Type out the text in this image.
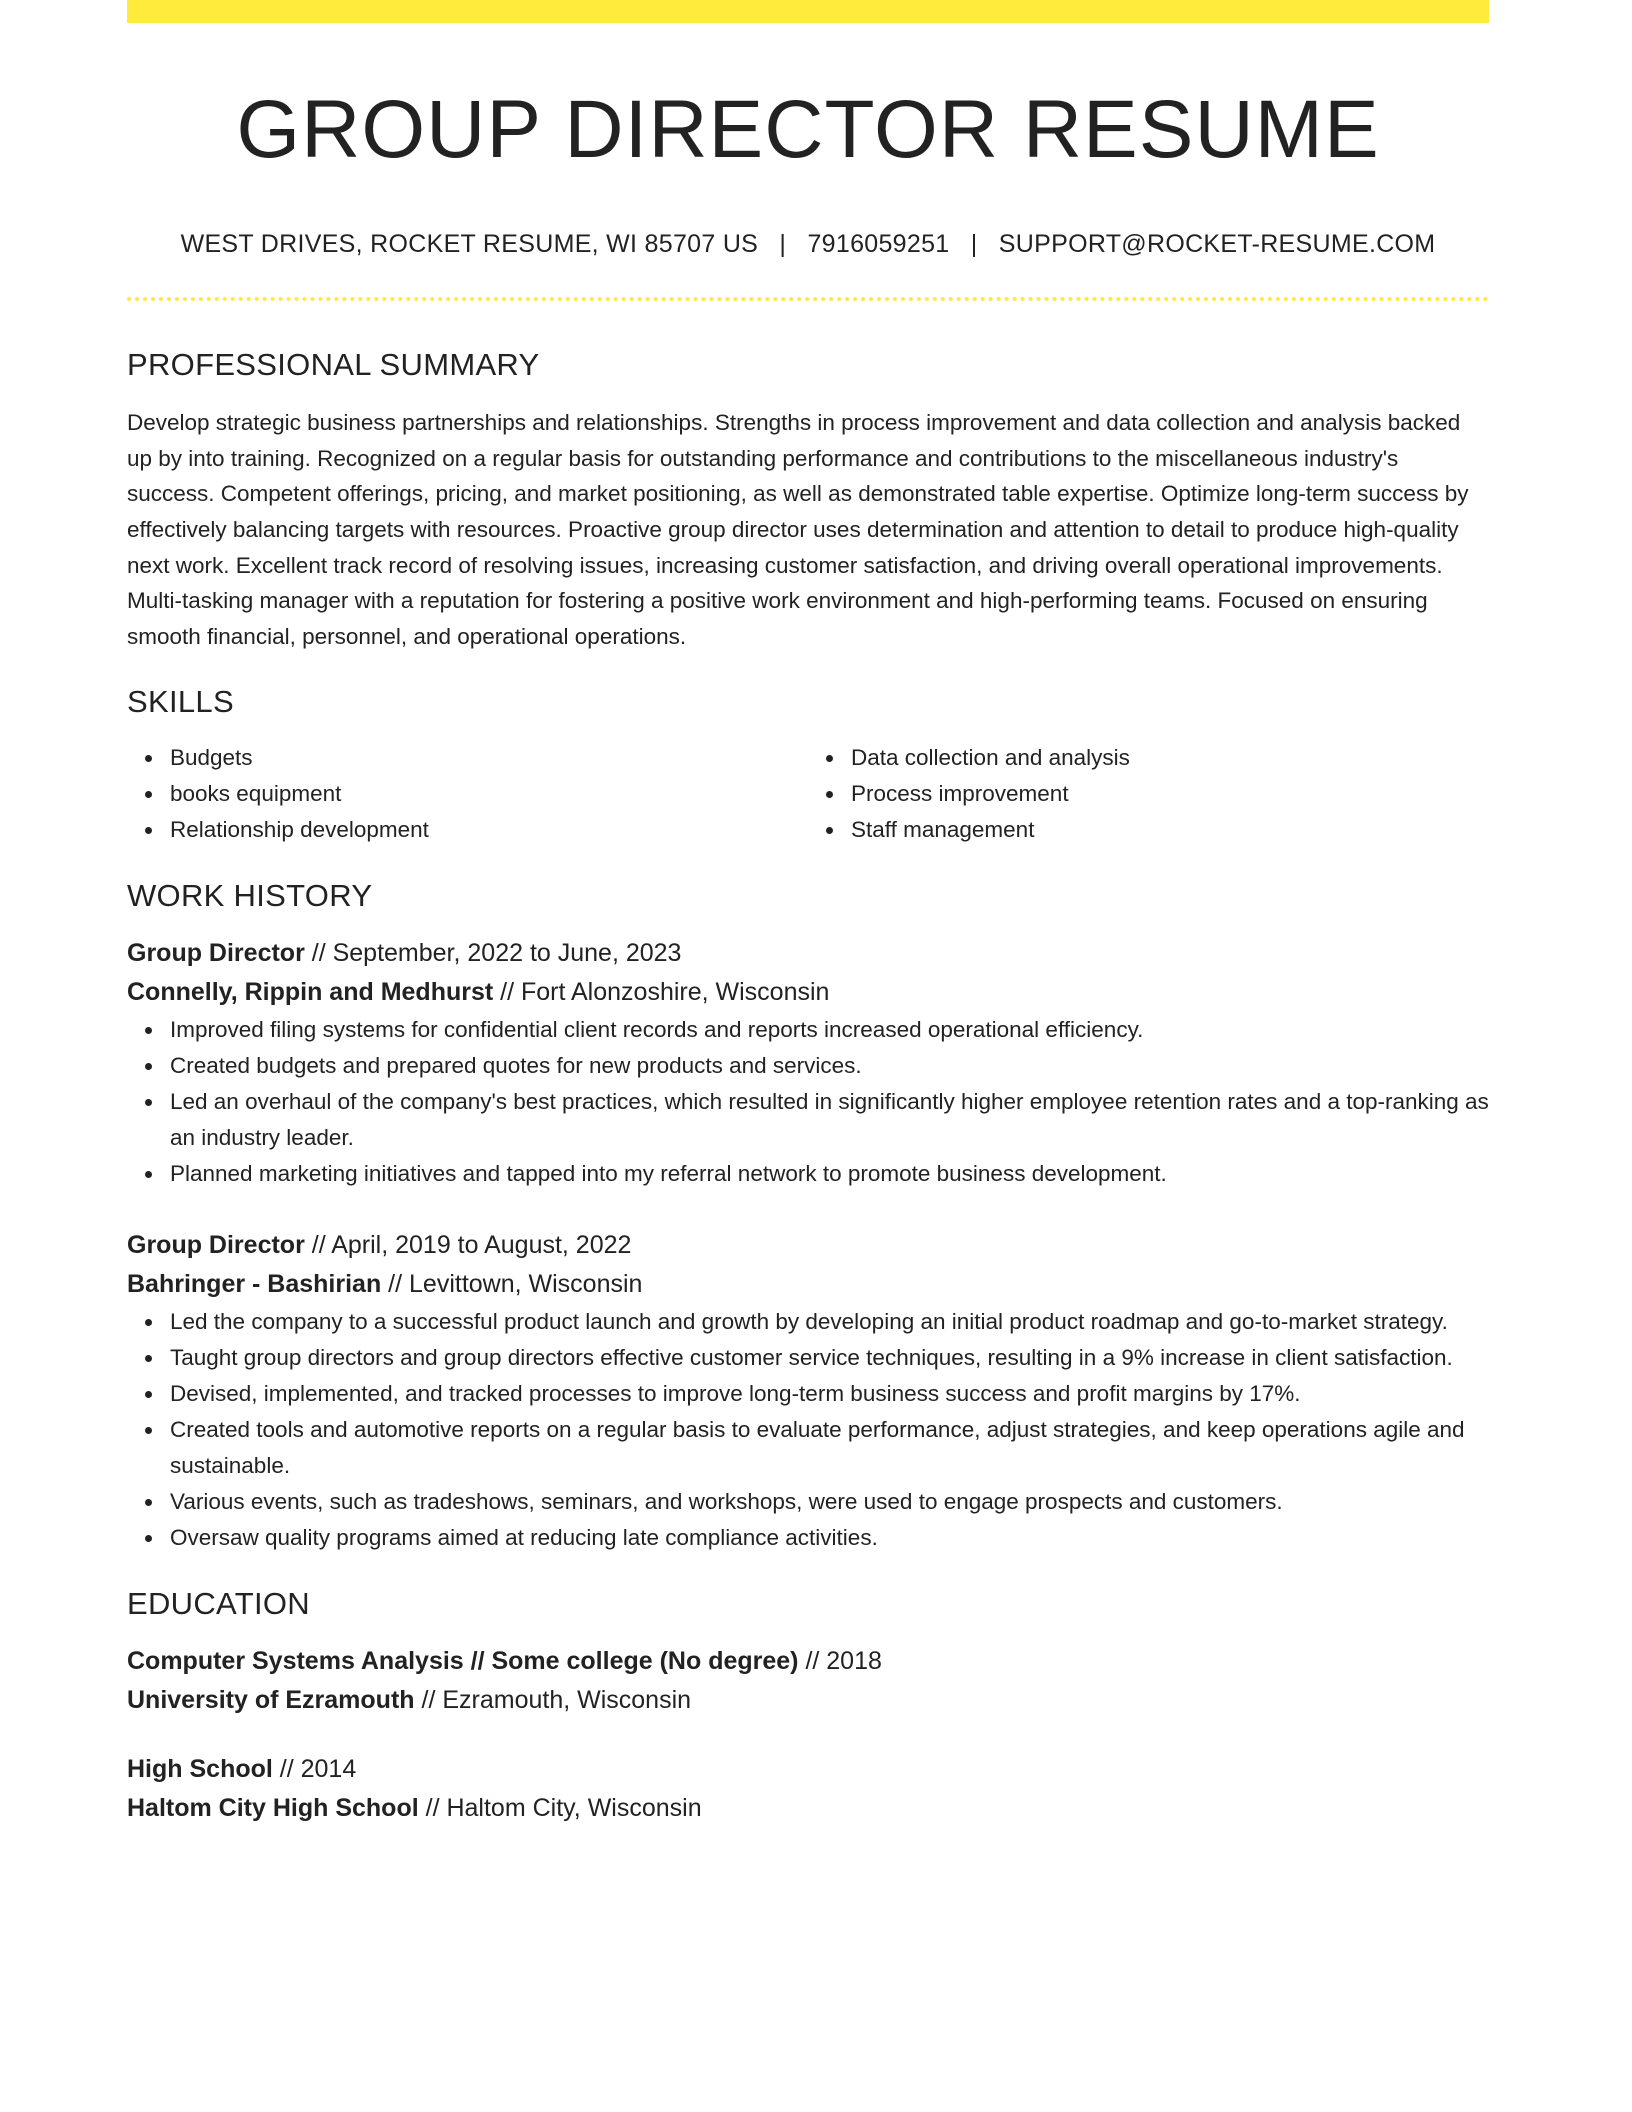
GROUP DIRECTOR RESUME
WEST DRIVES, ROCKET RESUME, WI 85707 US | 7916059251 | SUPPORT@ROCKET-RESUME.COM
PROFESSIONAL SUMMARY

Develop strategic business partnerships and relationships. Strengths in process improvement and data collection and analysis backed up by into training. Recognized on a regular basis for outstanding performance and contributions to the miscellaneous industry's success. Competent offerings, pricing, and market positioning, as well as demonstrated table expertise. Optimize long-term success by effectively balancing targets with resources. Proactive group director uses determination and attention to detail to produce high-quality next work. Excellent track record of resolving issues, increasing customer satisfaction, and driving overall operational improvements. Multi-tasking manager with a reputation for fostering a positive work environment and high-performing teams. Focused on ensuring smooth financial, personnel, and operational operations.

SKILLS
Budgets
books equipment
Relationship development
Data collection and analysis
Process improvement
Staff management
WORK HISTORY
Group Director // September, 2022 to June, 2023
Connelly, Rippin and Medhurst // Fort Alonzoshire, Wisconsin
Improved filing systems for confidential client records and reports increased operational efficiency.
Created budgets and prepared quotes for new products and services.
Led an overhaul of the company's best practices, which resulted in significantly higher employee retention rates and a top-ranking as an industry leader.
Planned marketing initiatives and tapped into my referral network to promote business development.
Group Director // April, 2019 to August, 2022
Bahringer - Bashirian // Levittown, Wisconsin
Led the company to a successful product launch and growth by developing an initial product roadmap and go-to-market strategy.
Taught group directors and group directors effective customer service techniques, resulting in a 9% increase in client satisfaction.
Devised, implemented, and tracked processes to improve long-term business success and profit margins by 17%.
Created tools and automotive reports on a regular basis to evaluate performance, adjust strategies, and keep operations agile and sustainable.
Various events, such as tradeshows, seminars, and workshops, were used to engage prospects and customers.
Oversaw quality programs aimed at reducing late compliance activities.
EDUCATION
Computer Systems Analysis // Some college (No degree) // 2018
University of Ezramouth // Ezramouth, Wisconsin
High School // 2014
Haltom City High School // Haltom City, Wisconsin
